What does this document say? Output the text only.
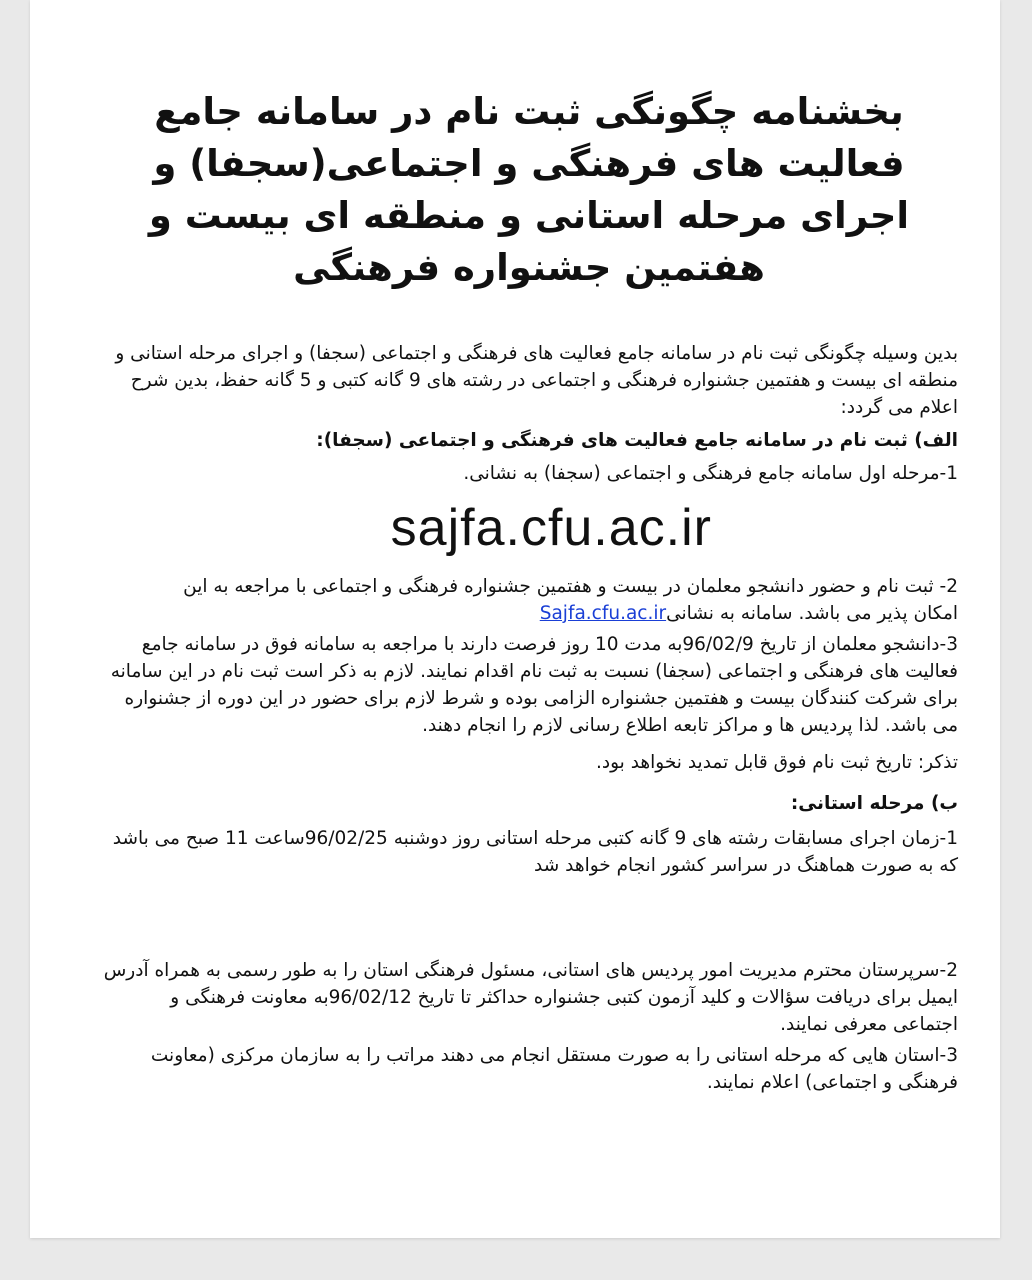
بخشنامه چگونگی ثبت نام در سامانه جامع فعالیت های فرهنگی و اجتماعی(سجفا) و اجرای مرحله استانی و منطقه ای بیست و هفتمین جشنواره فرهنگی

بدین وسیله چگونگی ثبت نام در سامانه جامع فعالیت های فرهنگی و اجتماعی (سجفا) و اجرای مرحله استانی و منطقه ای بیست و هفتمین جشنواره فرهنگی و اجتماعی در رشته های 9 گانه کتبی و 5 گانه حفظ، بدین شرح اعلام می گردد:

الف) ثبت نام در سامانه جامع فعالیت های فرهنگی و اجتماعی (سجفا):

1-مرحله اول سامانه جامع فرهنگی و اجتماعی (سجفا) به نشانی.

sajfa.cfu.ac.ir

2- ثبت نام و حضور دانشجو معلمان در بیست و هفتمین جشنواره فرهنگی و اجتماعی با مراجعه به این امکان پذیر می باشد. سامانه به نشانیSajfa.cfu.ac.ir

3-دانشجو معلمان از تاریخ 96/02/9به مدت 10 روز فرصت دارند با مراجعه به سامانه فوق در سامانه جامع فعالیت های فرهنگی و اجتماعی (سجفا) نسبت به ثبت نام اقدام نمایند. لازم به ذکر است ثبت نام در این سامانه برای شرکت کنندگان بیست و هفتمین جشنواره الزامی بوده و شرط لازم برای حضور در این دوره از جشنواره می باشد. لذا پردیس ها و مراکز تابعه اطلاع رسانی لازم را انجام دهند.

تذکر: تاریخ ثبت نام فوق قابل تمدید نخواهد بود.

ب) مرحله استانی:

1-زمان اجرای مسابقات رشته های 9 گانه کتبی مرحله استانی روز دوشنبه 96/02/25ساعت 11 صبح می باشد که به صورت هماهنگ در سراسر کشور انجام خواهد شد

2-سرپرستان محترم مدیریت امور پردیس های استانی، مسئول فرهنگی استان را به طور رسمی به همراه آدرس ایمیل برای دریافت سؤالات و کلید آزمون کتبی جشنواره حداکثر تا تاریخ 96/02/12به معاونت فرهنگی و اجتماعی معرفی نمایند.

3-استان هایی که مرحله استانی را به صورت مستقل انجام می دهند مراتب را به سازمان مرکزی (معاونت فرهنگی و اجتماعی) اعلام نمایند.
